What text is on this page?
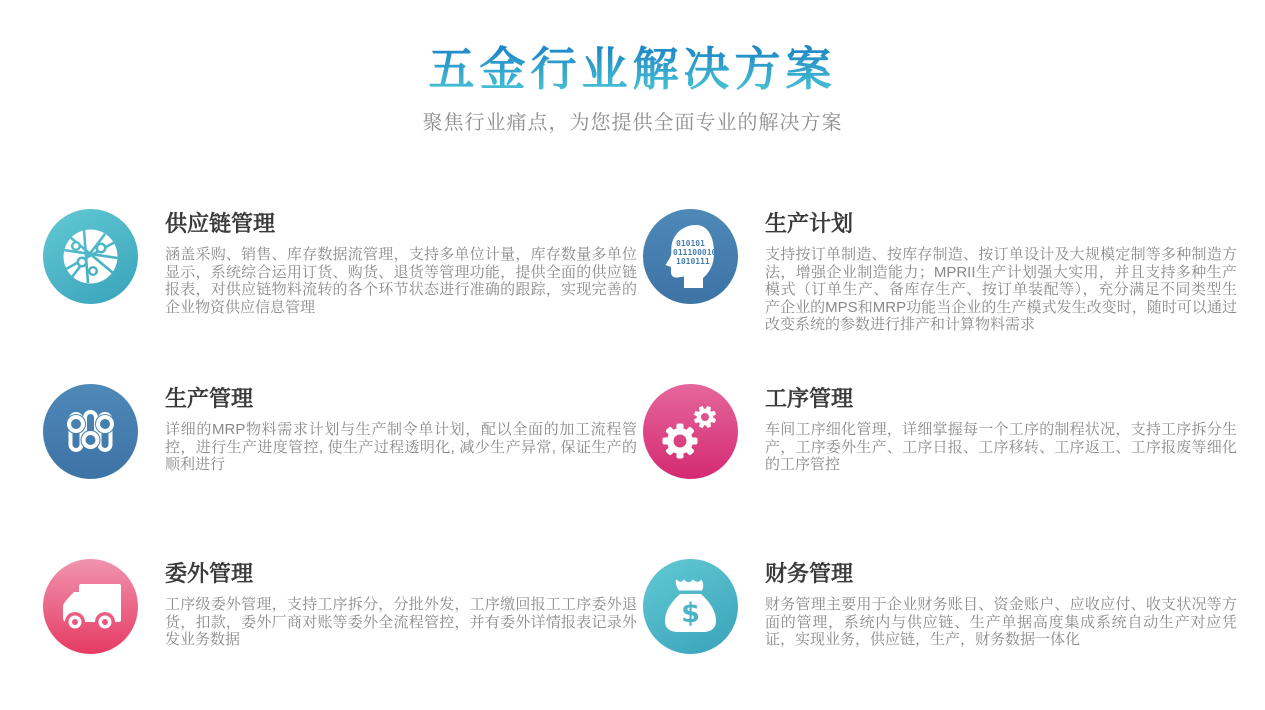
五金行业解决方案
聚焦行业痛点，为您提供全面专业的解决方案
供应链管理
涵盖采购、销售、库存数据流管理，支持多单位计量，库存数量多单位显示，系统综合运用订货、购货、退货等管理功能，提供全面的供应链报表，对供应链物料流转的各个环节状态进行准确的跟踪，实现完善的企业物资供应信息管理
生产计划
支持按订单制造、按库存制造、按订单设计及大规模定制等多种制造方法，增强企业制造能力；MPRII生产计划强大实用，并且支持多种生产模式（订单生产、备库存生产、按订单装配等），充分满足不同类型生产企业的MPS和MRP功能当企业的生产模式发生改变时，随时可以通过改变系统的参数进行排产和计算物料需求
生产管理
详细的MRP物料需求计划与生产制令单计划，配以全面的加工流程管控，进行生产进度管控, 使生产过程透明化, 减少生产异常, 保证生产的顺利进行
工序管理
车间工序细化管理，详细掌握每一个工序的制程状况，支持工序拆分生产，工序委外生产、工序日报、工序移转、工序返工、工序报废等细化的工序管控
委外管理
工序级委外管理，支持工序拆分，分批外发，工序缴回报工工序委外退货，扣款，委外厂商对账等委外全流程管控，并有委外详情报表记录外发业务数据
财务管理
财务管理主要用于企业财务账目、资金账户、应收应付、收支状况等方面的管理，系统内与供应链、生产单据高度集成系统自动生产对应凭证，实现业务，供应链，生产，财务数据一体化
